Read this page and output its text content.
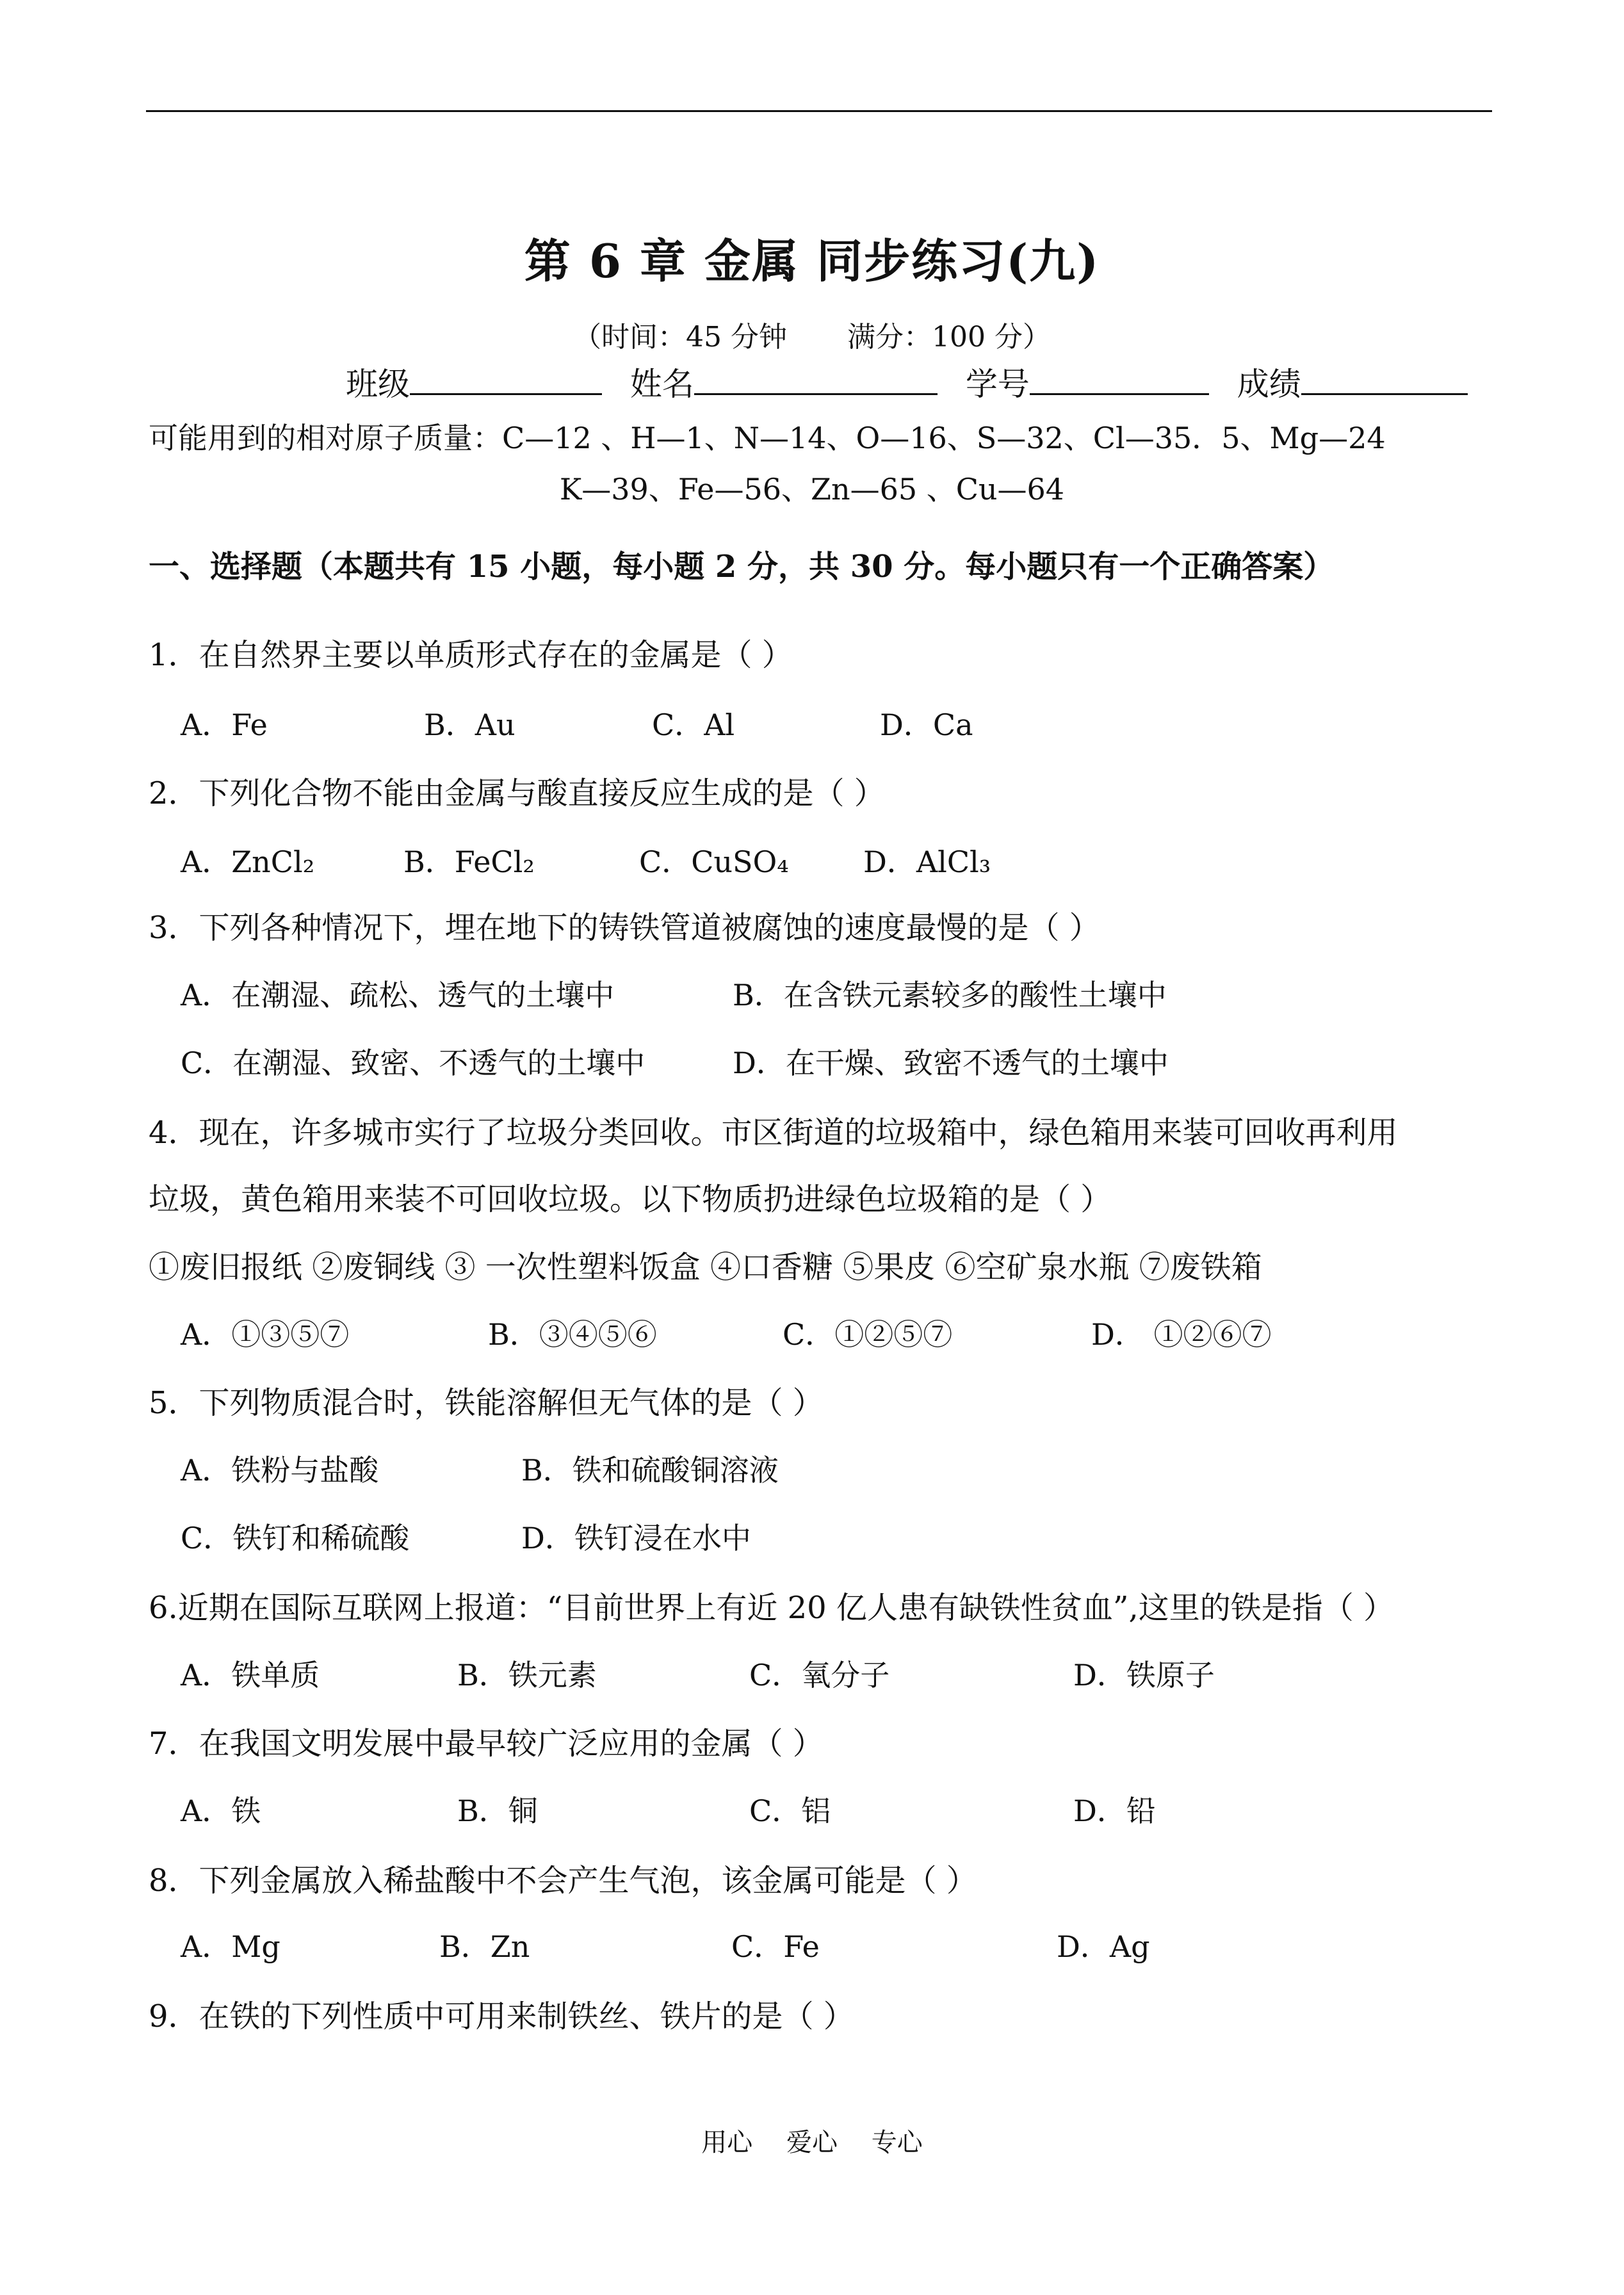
第 6 章 金属 同步练习(九)
（时间：45 分钟 满分：100 分）
班级	姓名	学号	成绩
可能用到的相对原子质量：C—12 、H—1、N—14、O—16、S—32、Cl—35．5、Mg—24
K—39、Fe—56、Zn—65 、Cu—64
一、选择题（本题共有 15 小题，每小题 2 分，共 30 分。每小题只有一个正确答案）
1．在自然界主要以单质形式存在的金属是（ ）
A．Fe	B．Au	C．Al	D．Ca
2．下列化合物不能由金属与酸直接反应生成的是（ ）
A．ZnCl₂	B．FeCl₂	C．CuSO₄	D．AlCl₃
3．下列各种情况下，埋在地下的铸铁管道被腐蚀的速度最慢的是（ ）
A．在潮湿、疏松、透气的土壤中	B．在含铁元素较多的酸性土壤中
C．在潮湿、致密、不透气的土壤中	D．在干燥、致密不透气的土壤中
4．现在，许多城市实行了垃圾分类回收。市区街道的垃圾箱中，绿色箱用来装可回收再利用
垃圾，黄色箱用来装不可回收垃圾。以下物质扔进绿色垃圾箱的是（ ）
①废旧报纸 ②废铜线 ③ 一次性塑料饭盒 ④口香糖 ⑤果皮 ⑥空矿泉水瓶 ⑦废铁箱
A．①③⑤⑦	B．③④⑤⑥	C．①②⑤⑦	D． ①②⑥⑦
5．下列物质混合时，铁能溶解但无气体的是（ ）
A．铁粉与盐酸	B．铁和硫酸铜溶液
C．铁钉和稀硫酸	D．铁钉浸在水中
6.近期在国际互联网上报道：“目前世界上有近 20 亿人患有缺铁性贫血”,这里的铁是指（ ）
A．铁单质	B．铁元素	C．氧分子	D．铁原子
7．在我国文明发展中最早较广泛应用的金属（ ）
A．铁	B．铜	C．铝	D．铅
8．下列金属放入稀盐酸中不会产生气泡，该金属可能是（ ）
A．Mg	B．Zn	C．Fe	D．Ag
9．在铁的下列性质中可用来制铁丝、铁片的是（ ）
用心 爱心 专心
